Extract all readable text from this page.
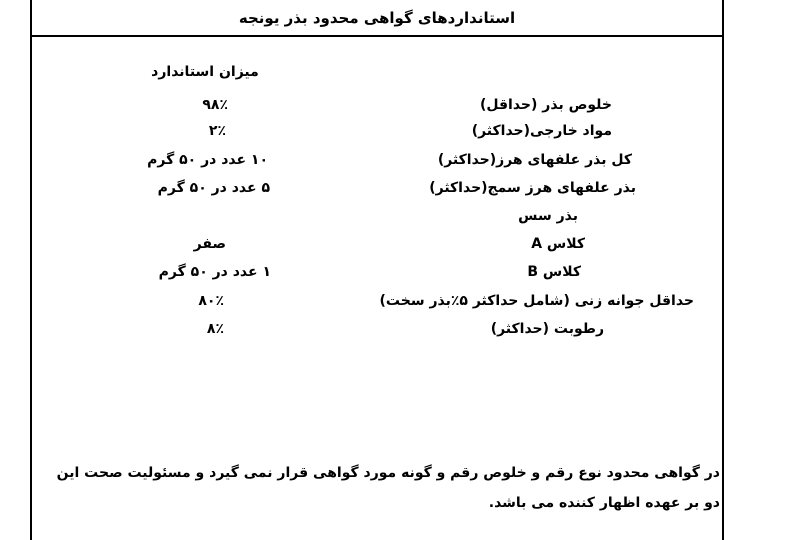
استانداردهای گواهی محدود بذر یونجه
میزان استاندارد
خلوص بذر (حداقل)
۹۸٪
مواد خارجی(حداکثر)
۲٪
کل بذر علفهای هرز(حداکثر)
۱۰ عدد در ۵۰ گرم
بذر علفهای هرز سمج(حداکثر)
۵ عدد در ۵۰ گرم
بذر سس
کلاس A
صفر
کلاس B
۱ عدد در ۵۰ گرم
حداقل جوانه زنی (شامل حداکثر ۵٪بذر سخت)
۸۰٪
رطوبت (حداکثر)
۸٪
در گواهی محدود نوع رقم و خلوص رقم و گونه مورد گواهی قرار نمی گیرد و مسئولیت صحت این دو بر عهده اظهار کننده می باشد.
